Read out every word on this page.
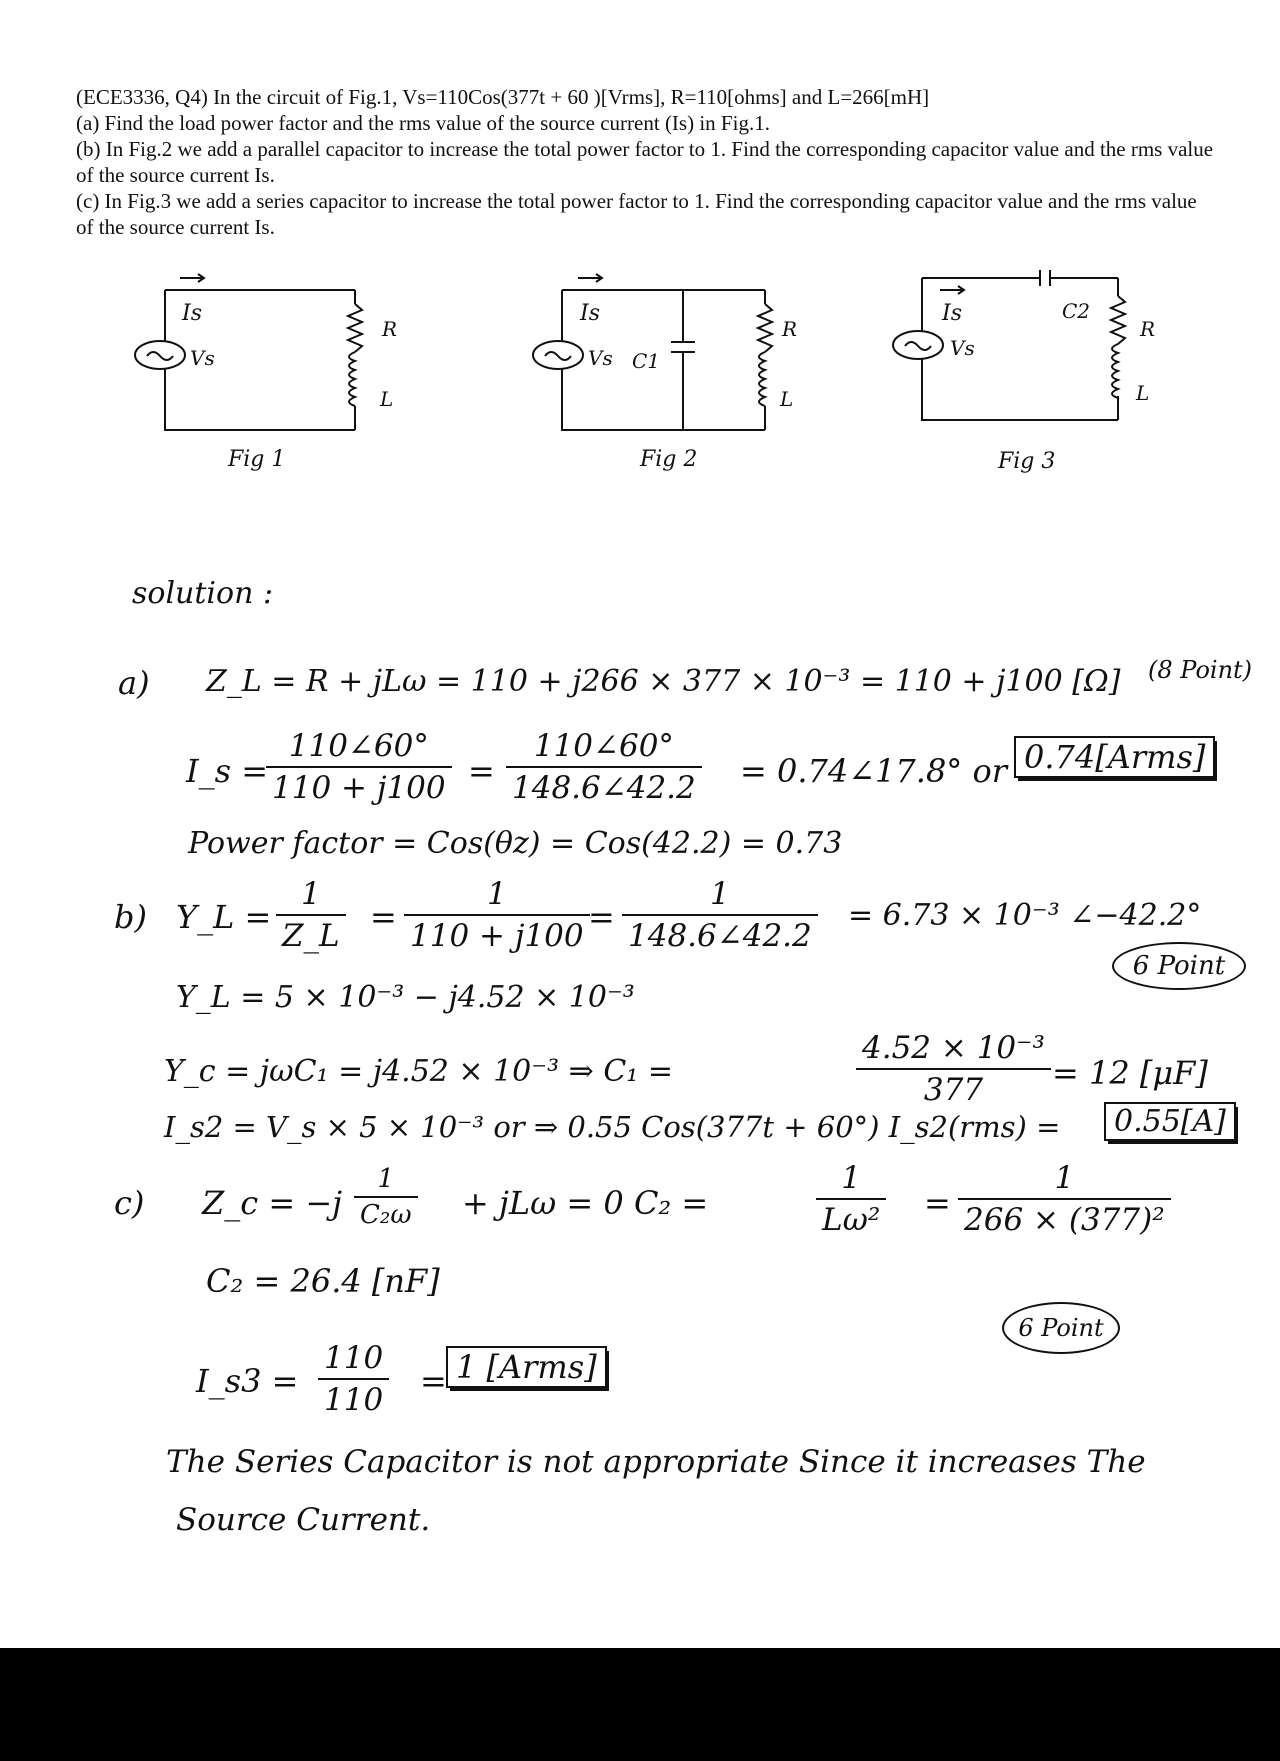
(ECE3336, Q4) In the circuit of Fig.1, Vs=110Cos(377t + 60 )[Vrms], R=110[ohms] and L=266[mH]

(a) Find the load power factor and the rms value of the source current (Is) in Fig.1.

(b) In Fig.2 we add a parallel capacitor to increase the total power factor to 1. Find the corresponding capacitor value and the rms value of the source current Is.

(c) In Fig.3 we add a series capacitor to increase the total power factor to 1. Find the corresponding capacitor value and the rms value of the source current Is.

Is
Vs
R
L
Fig 1
Is
Vs C1
R
L
Fig 2
Is
Vs
C2
R
L
Fig 3
solution :
a) Z_L = R + jLω = 110 + j266 × 377 × 10⁻³ = 110 + j100 [Ω] (8 Point)
I_s =
$\frac{110\angle 60^\circ}{110 + j100} = \frac{110\angle 60^\circ}{148.6\angle 42.2}$ = 0.74∠17.8° or 0.74[Arms]
Power factor = Cos(θz) = Cos(42.2) = 0.73
b) Y_L = $\frac{1}{Z\_L} = \frac{1}{110 + j100}$
= $\frac{1}{148.6\angle 42.2} = 6.73 \times 10^{-3}$ ∠−42.2°
6 Point
Y_L = 5 × 10⁻³ − j4.52 × 10⁻³
Y_c = jωC₁ = j4.52 × 10⁻³ ⇒ C₁ =	$\frac{\text{4.52 × 10⁻³}}{377} = 12$ [μF]
I_s2 = V_s × 5 × 10⁻³ or ⇒ 0.55 Cos(377t + 60°) I_s2(rms) =	0.55[A]
c) Z_c = $-j \frac{1}{\text{C₂ω}} + jL\omega = 0$ C₂ =	$\frac{1}{\text{Lω²}} = \frac{1}{\text{266 × (377)²}}$
C₂ = 26.4 [nF]
6 Point
I_s3 = $\frac{110}{110} = 1$ [Arms]
The Series Capacitor is not appropriate Since it increases The
Source Current.
